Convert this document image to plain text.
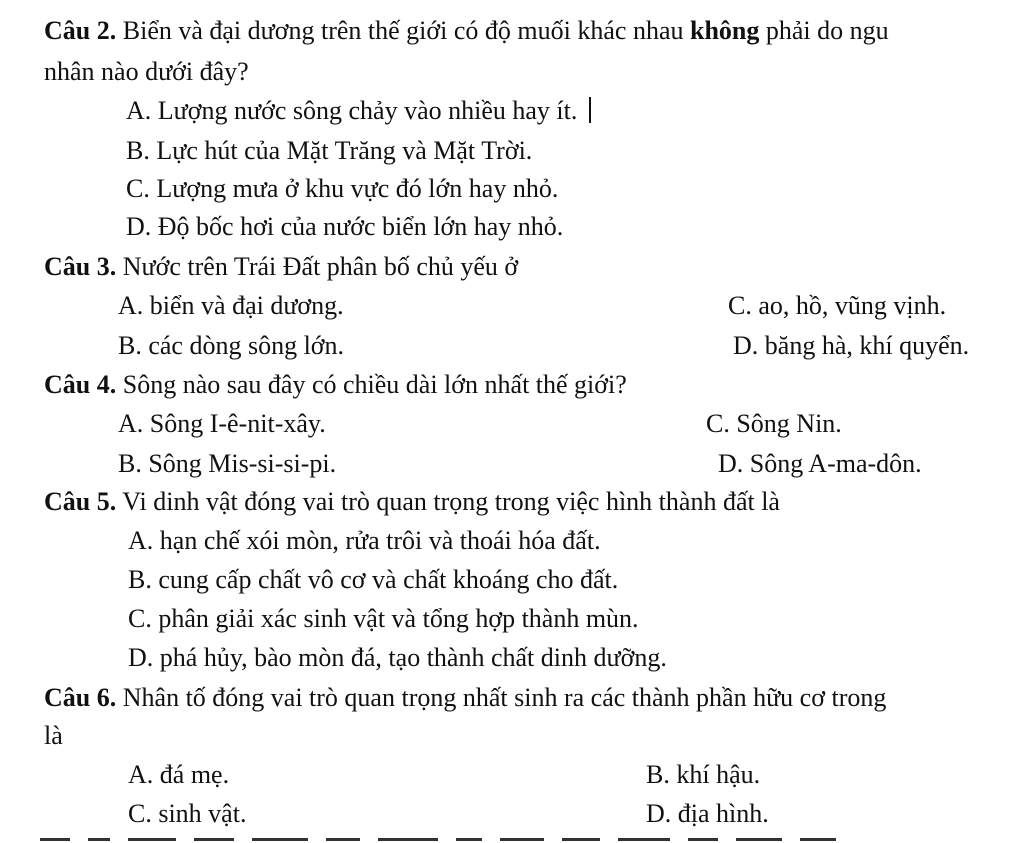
Câu 2. Biển và đại dương trên thế giới có độ muối khác nhau không phải do ngu
nhân nào dưới đây?
A. Lượng nước sông chảy vào nhiều hay ít.
B. Lực hút của Mặt Trăng và Mặt Trời.
C. Lượng mưa ở khu vực đó lớn hay nhỏ.
D. Độ bốc hơi của nước biển lớn hay nhỏ.
Câu 3. Nước trên Trái Đất phân bố chủ yếu ở
A. biển và đại dương.	C. ao, hồ, vũng vịnh.
B. các dòng sông lớn.	D. băng hà, khí quyển.
Câu 4. Sông nào sau đây có chiều dài lớn nhất thế giới?
A. Sông I-ê-nit-xây.	C. Sông Nin.
B. Sông Mis-si-si-pi.	D. Sông A-ma-dôn.
Câu 5. Vi dinh vật đóng vai trò quan trọng trong việc hình thành đất là
A. hạn chế xói mòn, rửa trôi và thoái hóa đất.
B. cung cấp chất vô cơ và chất khoáng cho đất.
C. phân giải xác sinh vật và tổng hợp thành mùn.
D. phá hủy, bào mòn đá, tạo thành chất dinh dưỡng.
Câu 6. Nhân tố đóng vai trò quan trọng nhất sinh ra các thành phần hữu cơ trong
là
A. đá mẹ.	B. khí hậu.
C. sinh vật.	D. địa hình.
